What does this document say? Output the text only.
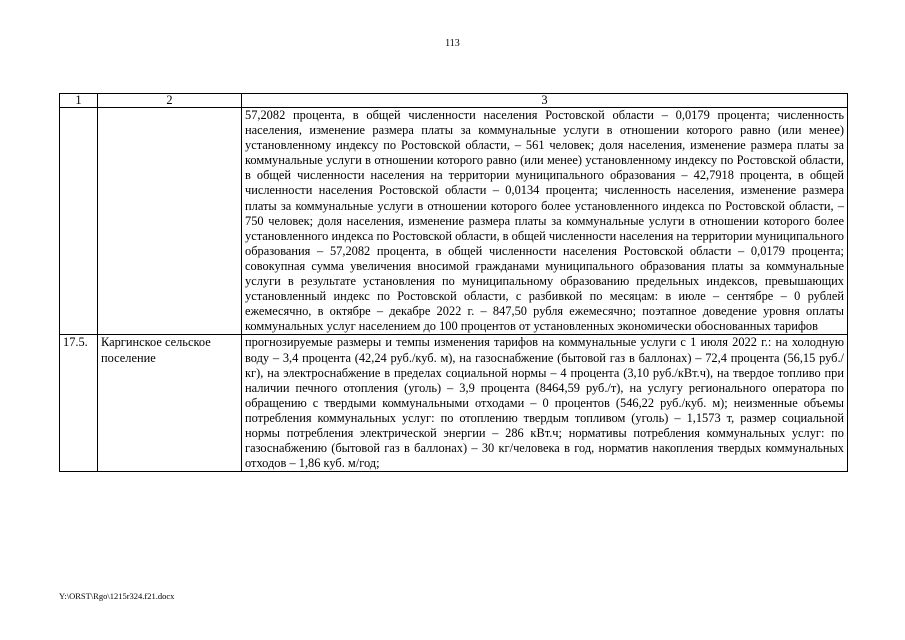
113
1	2	3

		57,2082 процента, в общей численности населения Ростовской области – 0,0179 процента; численность населения, изменение размера платы за коммунальные услуги в отношении которого равно (или менее) установленному индексу по Ростовской области, – 561 человек; доля населения, изменение размера платы за коммунальные услуги в отношении которого равно (или менее) установленному индексу по Ростовской области, в общей численности населения на территории муниципального образования – 42,7918 процента, в общей численности населения Ростовской области – 0,0134 процента; численность населения, изменение размера платы за коммунальные услуги в отношении которого более установленного индекса по Ростовской области, – 750 человек; доля населения, изменение размера платы за коммунальные услуги в отношении которого более установленного индекса по Ростовской области, в общей численности населения на территории муниципального образования – 57,2082 процента, в общей численности населения Ростовской области – 0,0179 процента; совокупная сумма увеличения вносимой гражданами муниципального образования платы за коммунальные услуги в результате установления по муниципальному образованию предельных индексов, превышающих установленный индекс по Ростовской области, с разбивкой по месяцам: в июле – сентябре – 0 рублей ежемесячно, в октябре – декабре 2022 г. – 847,50 рубля ежемесячно; поэтапное доведение уровня оплаты коммунальных услуг населением до 100 процентов от установленных экономически обоснованных тарифов

17.5.	Каргинское сельское поселение	прогнозируемые размеры и темпы изменения тарифов на коммунальные услуги с 1 июля 2022 г.: на холодную воду – 3,4 процента (42,24 руб./куб. м), на газоснабжение (бытовой газ в баллонах) – 72,4 процента (56,15 руб./кг), на электроснабжение в пределах социальной нормы – 4 процента (3,10 руб./кВт.ч), на твердое топливо при наличии печного отопления (уголь) – 3,9 процента (8464,59 руб./т), на услугу регионального оператора по обращению с твердыми коммунальными отходами – 0 процентов (546,22 руб./куб. м); неизменные объемы потребления коммунальных услуг: по отоплению твердым топливом (уголь) – 1,1573 т, размер социальной нормы потребления электрической энергии – 286 кВт.ч; нормативы потребления коммунальных услуг: по газоснабжению (бытовой газ в баллонах) – 30 кг/человека в год, норматив накопления твердых коммунальных отходов – 1,86 куб. м/год;
Y:\ORST\Rgo\1215r324.f21.docx
